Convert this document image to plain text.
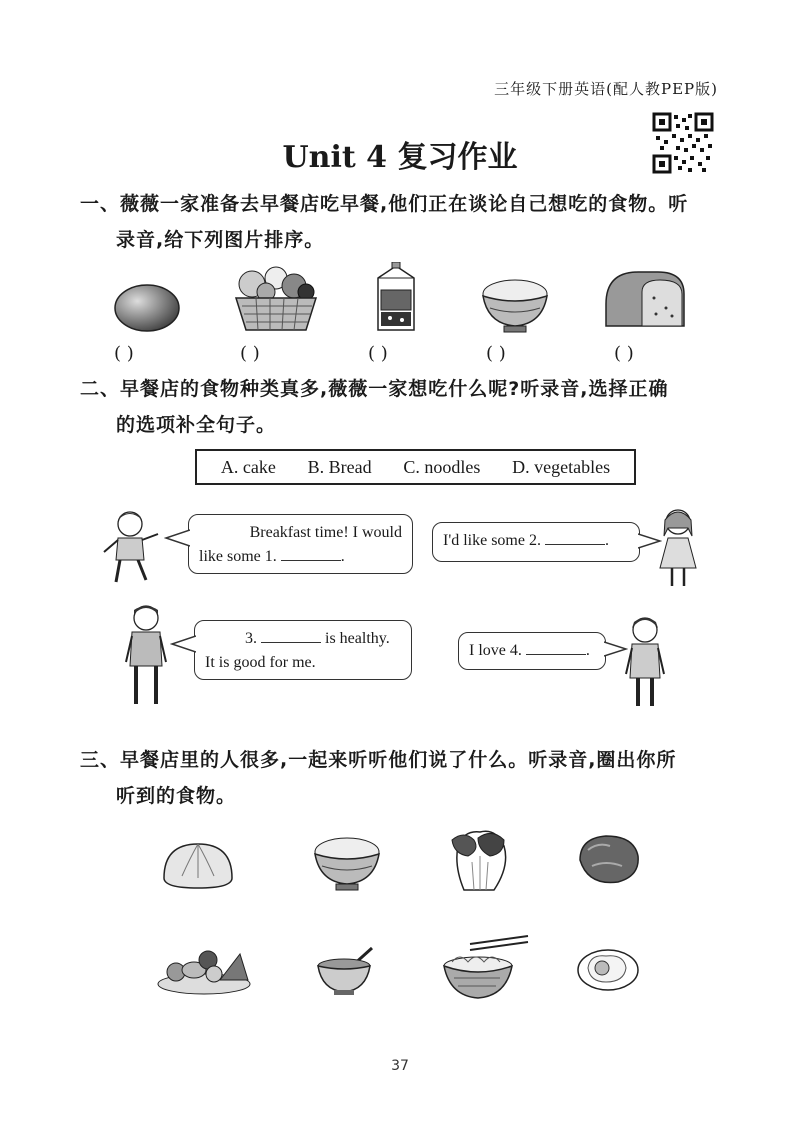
三年级下册英语(配人教PEP版)
Unit 4 复习作业
一、薇薇一家准备去早餐店吃早餐,他们正在谈论自己想吃的食物。听
录音,给下列图片排序。
( )	( )	( )	( )	( )
二、早餐店的食物种类真多,薇薇一家想吃什么呢?听录音,选择正确
的选项补全句子。
A. cake B. Bread C. noodles D. vegetables
Breakfast time! I would
like some 1.	.
I'd like some 2.	.
3.	is healthy.
It is good for me.
I love 4.	.
三、早餐店里的人很多,一起来听听他们说了什么。听录音,圈出你所
听到的食物。
37
